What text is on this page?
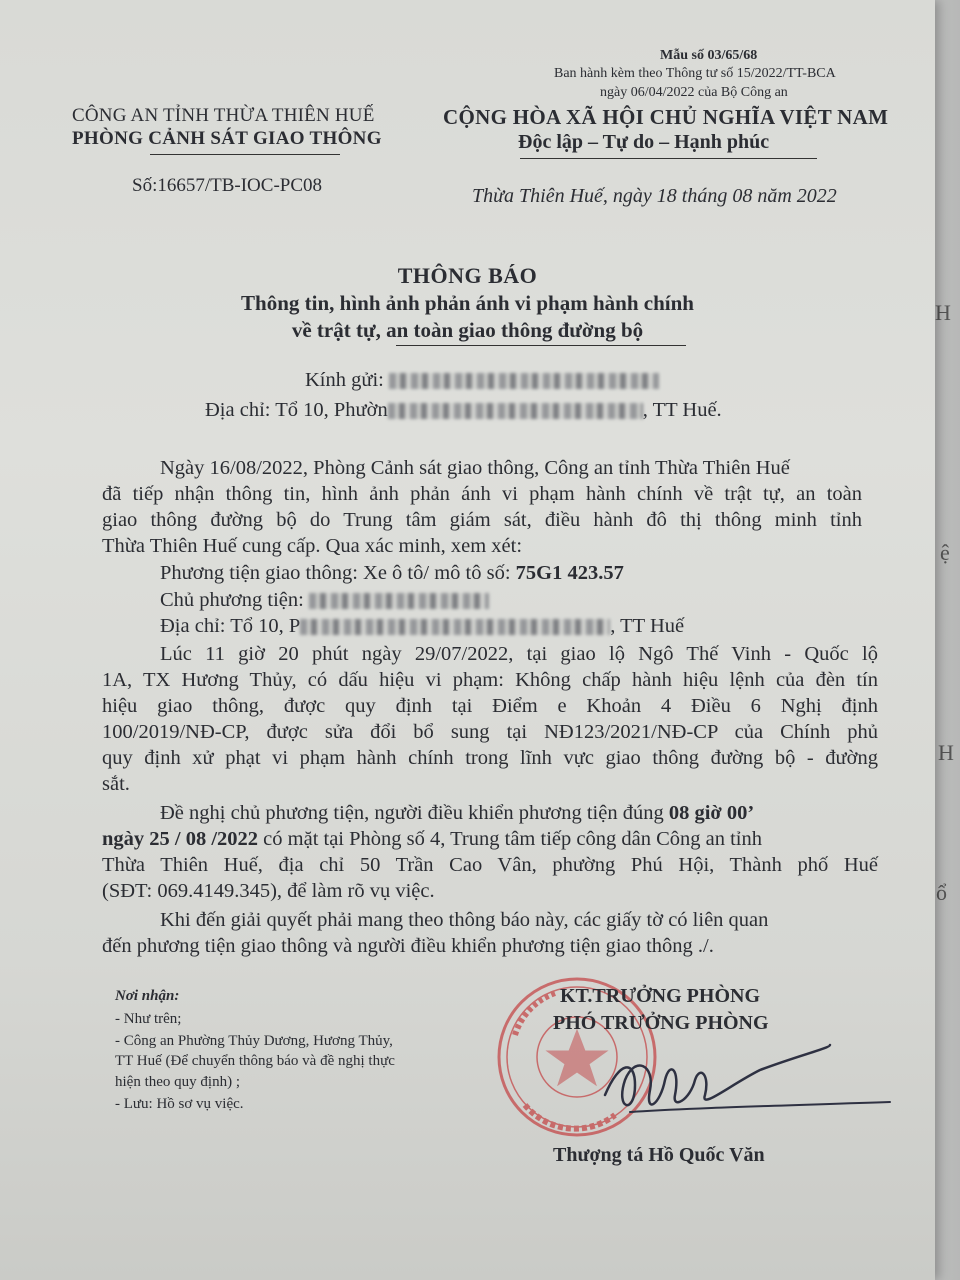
H
ệ
H
ổ
Mẫu số 03/65/68
Ban hành kèm theo Thông tư số 15/2022/TT-BCA
ngày 06/04/2022 của Bộ Công an
CÔNG AN TỈNH THỪA THIÊN HUẾ
PHÒNG CẢNH SÁT GIAO THÔNG
Số:16657/TB-IOC-PC08
CỘNG HÒA XÃ HỘI CHỦ NGHĨA VIỆT NAM
Độc lập – Tự do – Hạnh phúc
Thừa Thiên Huế, ngày 18 tháng 08 năm 2022
THÔNG BÁO
Thông tin, hình ảnh phản ánh vi phạm hành chính
về trật tự, an toàn giao thông đường bộ
Kính gửi:
Địa chỉ: Tổ 10, Phườn	, TT Huế.
Ngày 16/08/2022, Phòng Cảnh sát giao thông, Công an tỉnh Thừa Thiên Huế
đã tiếp nhận thông tin, hình ảnh phản ánh vi phạm hành chính về trật tự, an toàn
giao thông đường bộ do Trung tâm giám sát, điều hành đô thị thông minh tỉnh
Thừa Thiên Huế cung cấp. Qua xác minh, xem xét:
Phương tiện giao thông: Xe ô tô/ mô tô số: 75G1 423.57
Chủ phương tiện:
Địa chỉ: Tổ 10, P	, TT Huế
Lúc 11 giờ 20 phút ngày 29/07/2022, tại giao lộ Ngô Thế Vinh - Quốc lộ
1A, TX Hương Thủy, có dấu hiệu vi phạm: Không chấp hành hiệu lệnh của đèn tín
hiệu giao thông, được quy định tại Điểm e Khoản 4 Điều 6 Nghị định
100/2019/NĐ-CP, được sửa đổi bổ sung tại NĐ123/2021/NĐ-CP của Chính phủ
quy định xử phạt vi phạm hành chính trong lĩnh vực giao thông đường bộ - đường
sắt.
Đề nghị chủ phương tiện, người điều khiển phương tiện đúng 08 giờ 00’
ngày 25 / 08 /2022 có mặt tại Phòng số 4, Trung tâm tiếp công dân Công an tỉnh
Thừa Thiên Huế, địa chỉ 50 Trần Cao Vân, phường Phú Hội, Thành phố Huế
(SĐT: 069.4149.345), để làm rõ vụ việc.
Khi đến giải quyết phải mang theo thông báo này, các giấy tờ có liên quan
đến phương tiện giao thông và người điều khiển phương tiện giao thông ./.
Nơi nhận:
- Như trên;
- Công an Phường Thủy Dương, Hương Thủy,
TT Huế (Để chuyển thông báo và đề nghị thực
hiện theo quy định) ;
- Lưu: Hồ sơ vụ việc.
KT.TRƯỞNG PHÒNG
PHÓ TRƯỞNG PHÒNG
Thượng tá Hồ Quốc Văn
